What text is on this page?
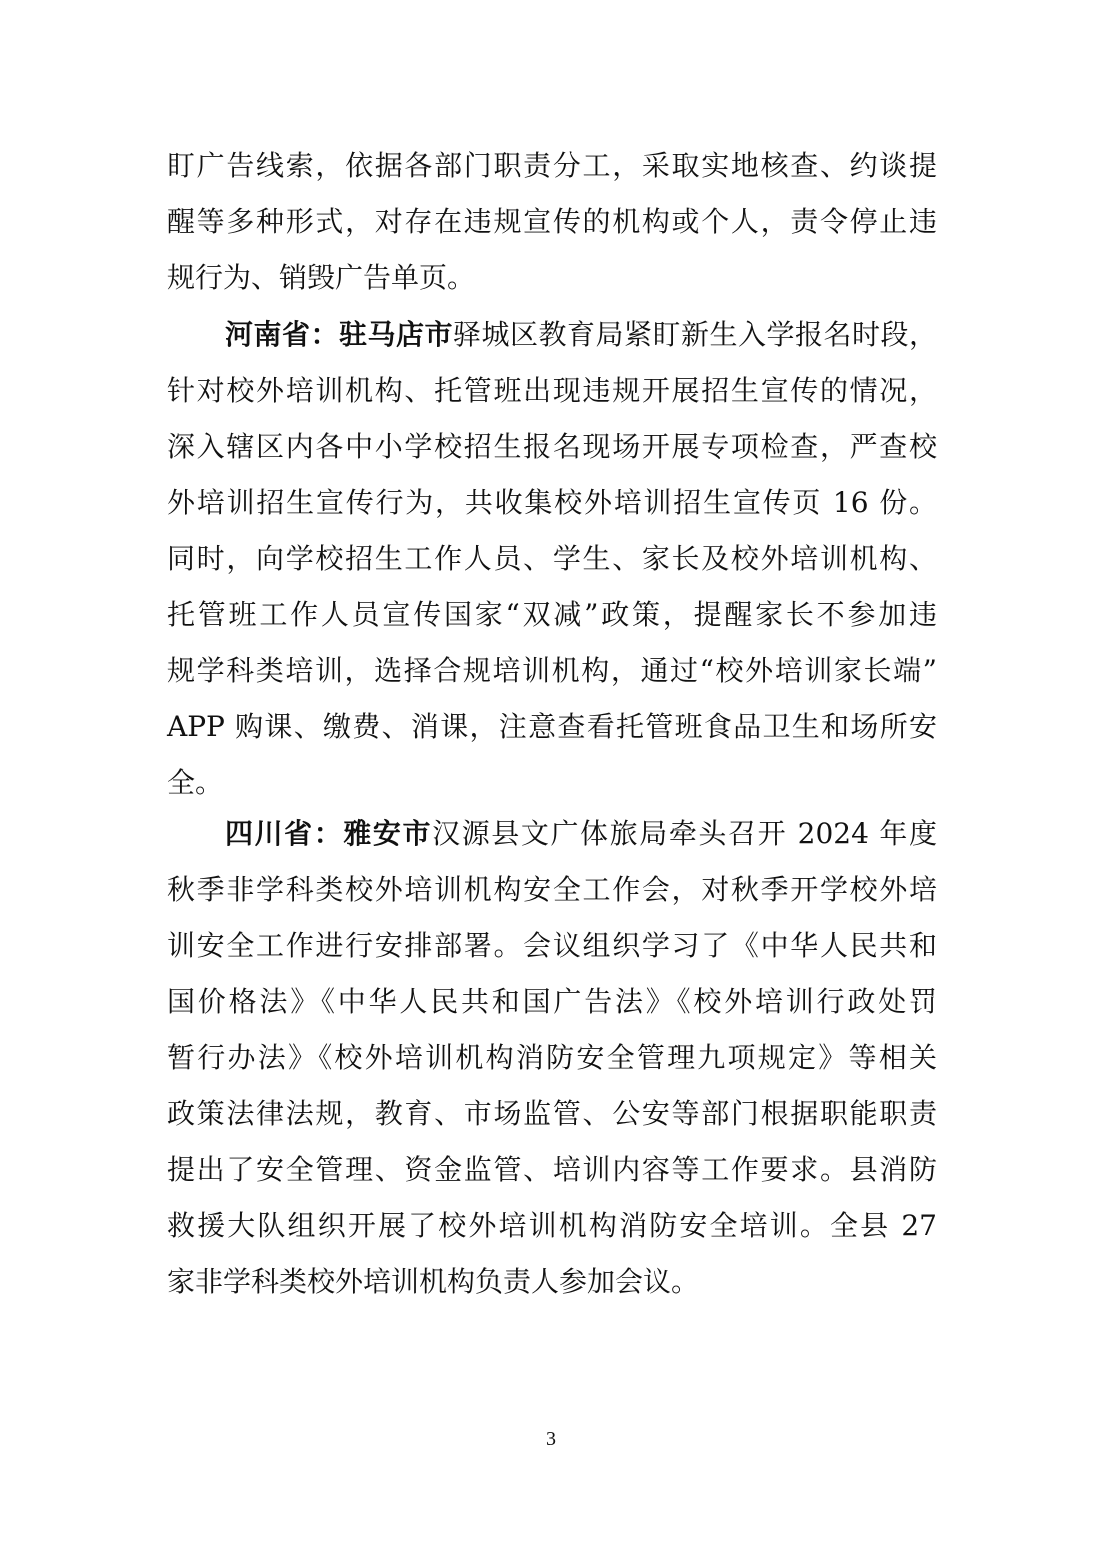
盯广告线索，依据各部门职责分工，采取实地核查、约谈提
醒等多种形式，对存在违规宣传的机构或个人，责令停止违
规行为、销毁广告单页。
河南省：驻马店市驿城区教育局紧盯新生入学报名时段，
针对校外培训机构、托管班出现违规开展招生宣传的情况，
深入辖区内各中小学校招生报名现场开展专项检查，严查校
外培训招生宣传行为，共收集校外培训招生宣传页 16 份。
同时，向学校招生工作人员、学生、家长及校外培训机构、
托管班工作人员宣传国家“双减”政策，提醒家长不参加违
规学科类培训，选择合规培训机构，通过“校外培训家长端”
APP 购课、缴费、消课，注意查看托管班食品卫生和场所安
全。
四川省：雅安市汉源县文广体旅局牵头召开 2024 年度
秋季非学科类校外培训机构安全工作会，对秋季开学校外培
训安全工作进行安排部署。会议组织学习了《中华人民共和
国价格法》《中华人民共和国广告法》《校外培训行政处罚
暂行办法》《校外培训机构消防安全管理九项规定》等相关
政策法律法规，教育、市场监管、公安等部门根据职能职责
提出了安全管理、资金监管、培训内容等工作要求。县消防
救援大队组织开展了校外培训机构消防安全培训。全县 27
家非学科类校外培训机构负责人参加会议。
3
